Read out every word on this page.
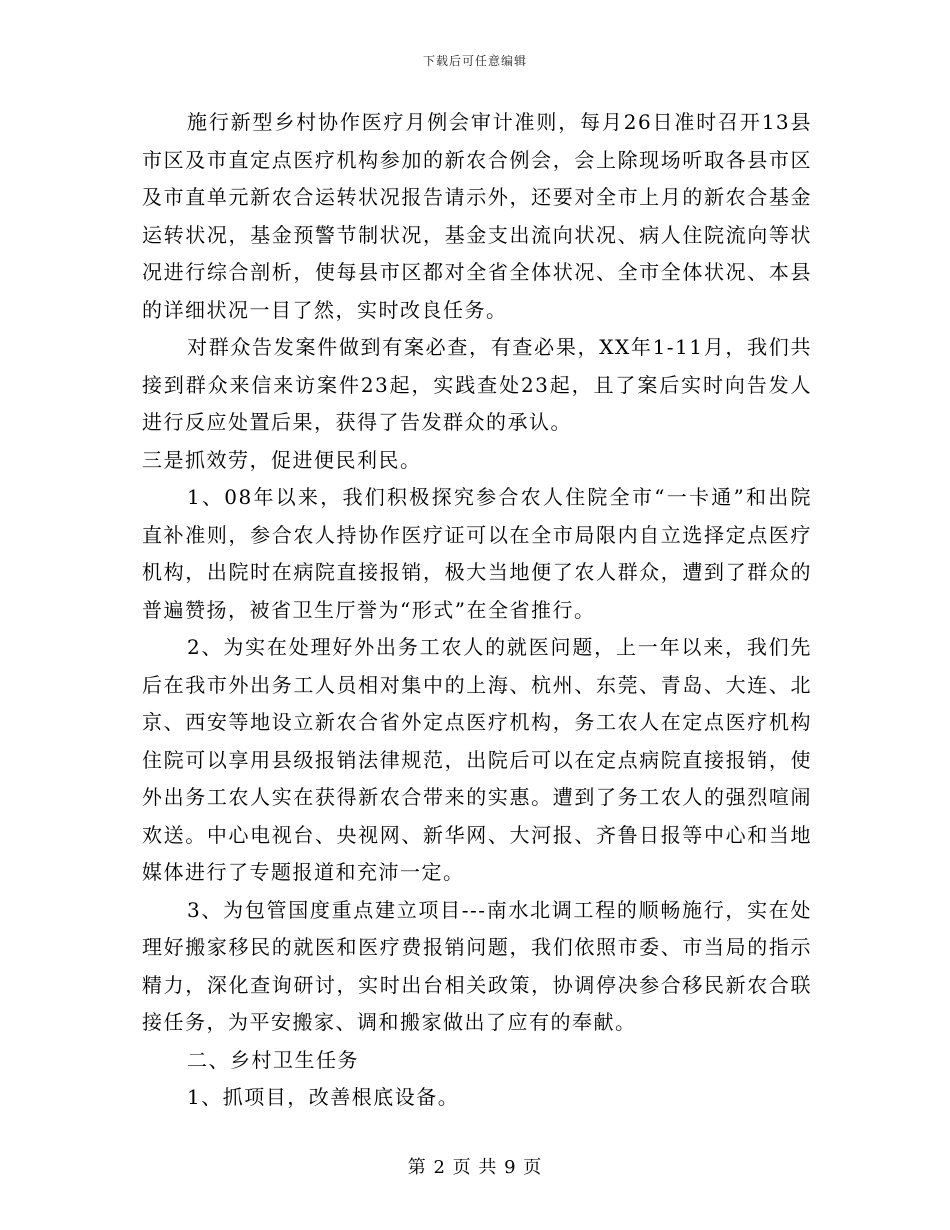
下载后可任意编辑

施行新型乡村协作医疗月例会审计准则，每月26日准时召开13县市区及市直定点医疗机构参加的新农合例会，会上除现场听取各县市区及市直单元新农合运转状况报告请示外，还要对全市上月的新农合基金运转状况，基金预警节制状况，基金支出流向状况、病人住院流向等状况进行综合剖析，使每县市区都对全省全体状况、全市全体状况、本县的详细状况一目了然，实时改良任务。

对群众告发案件做到有案必查，有查必果，XX年1-11月，我们共接到群众来信来访案件23起，实践查处23起，且了案后实时向告发人进行反应处置后果，获得了告发群众的承认。

三是抓效劳，促进便民利民。

1、08年以来，我们积极探究参合农人住院全市“一卡通”和出院直补准则，参合农人持协作医疗证可以在全市局限内自立选择定点医疗机构，出院时在病院直接报销，极大当地便了农人群众，遭到了群众的普遍赞扬，被省卫生厅誉为“形式”在全省推行。

2、为实在处理好外出务工农人的就医问题，上一年以来，我们先后在我市外出务工人员相对集中的上海、杭州、东莞、青岛、大连、北京、西安等地设立新农合省外定点医疗机构，务工农人在定点医疗机构住院可以享用县级报销法律规范，出院后可以在定点病院直接报销，使外出务工农人实在获得新农合带来的实惠。遭到了务工农人的强烈喧闹欢送。中心电视台、央视网、新华网、大河报、齐鲁日报等中心和当地媒体进行了专题报道和充沛一定。

3、为包管国度重点建立项目---南水北调工程的顺畅施行，实在处理好搬家移民的就医和医疗费报销问题，我们依照市委、市当局的指示精力，深化查询研讨，实时出台相关政策，协调停决参合移民新农合联接任务，为平安搬家、调和搬家做出了应有的奉献。

二、乡村卫生任务

1、抓项目，改善根底设备。

第 2 页 共 9 页
